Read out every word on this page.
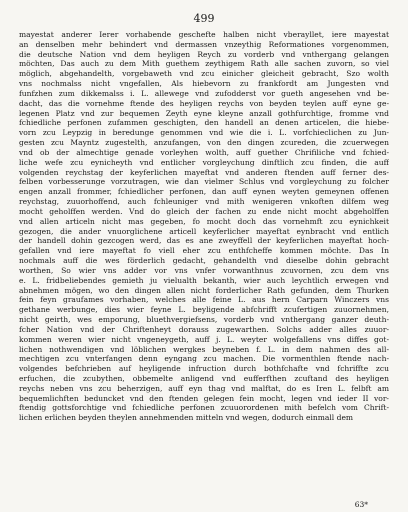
499
mayestat anderer Ierer vorhabende geschefte halben nicht vberayllet, iere mayestat
an denselben mehr behindert vnd dermassen vnzeythig Reformationes vorgenommen,
die deutsche Nation vnd dem heyligen Reych zu vorderb vnd vnthergang gelangen
möchten, Das auch zu dem Mith guethem zeythigem Rath alle sachen zuvorn, so viel
möglich, abgehandelth, vorgebaweth vnd zcu einicher gleicheit gebracht, Szo wolth
vns nochmalss nicht vngefallen, Als hiebevorn zu frankfordt am Jungesten vnd
funfzhen zum dikkemalss i. L. allewege vnd zufodderst vor gueth angesehen vnd be-
dacht, das die vornehme ftende des heyligen reychs von beyden teylen auff eyne ge-
legenen Platz vnd zur bequemen Zeyth eyne kleyne anzall gothfurchtige, fromme vnd
fchiedliche perfonen zufammen geschigten, den handell an denen articelen, die hiebe-
vorn zcu Leypzig in beredunge genommen vnd wie die i. L. vorfchieclichen zu Jun-
gesten zcu Mayntz zugestelth, anzufangen, von den dingen zcureden, die zcuerwegen
vnd ob der almechtige genade vorleyhen wolth, auff guether Chrifiliche vnd fchied-
liche wefe zcu eynicheyth vnd entlicher vorgleychung dinftlich zcu finden, die auff
volgenden reychstag der keyferlichen mayeftat vnd anderen ftenden auff ferner des-
felben vorbesserunge vorzutragen, wie dan vielmer Schlus vnd vorgleychung zu folcher
engen anzall frommer, fchiedlicher perfonen, dan auff eynen weyten gemeynen offenen
reychstag, zuuorhoffend, auch fchleuniger vnd mith wenigeren vnkoften dilfem weg
mocht geholffen werden. Vnd do gleich der fachen zu ende nicht mocht abgeholffen
vnd allen articeln nicht mas gegeben, fo mocht doch das vornehmft zcu eynichkeit
gezogen, die ander vnuorglichene articell keyferlicher mayeftat eynbracht vnd entlich
der handell dohin gezcogen werd, das es ane zweyffell der keyferlichen mayeftat hoch-
gefallen vnd iere mayeftat fo viell eher zcu enthfcheffe kommen möchte. Das In
nochmals auff die wes förderlich gedacht, gehandelth vnd dieselbe dohin gebracht
worthen, So wier vns adder vor vns vnfer vorwanthnus zcuvornen, zcu dem vns
e. L. fridbeliebendes gemieth ju vielualth bekanth, wier auch leychtlich erwegen vnd
abnehmen mögen, wo den dingen allen nicht forderlicher Rath gefunden, dem Thurken
fein feyn graufames vorhaben, welches alle feine L. aus hern Carparn Winczers vns
gethane werbunge, dies wier feyne L. beyligende abfchrifft zcufertigen zuuornehmen,
nicht geirth, wes emporung, bluethvergiefsens, vorderb vnd vnthergang ganzer deuth-
fcher Nation vnd der Chriftenheyt dorauss zugewarthen. Solchs adder alles zuuor-
kommen weren wier nicht vngeneygeth, auff j. L. weyter wolgefallens vns diffes got-
lichen nothwendigen vnd löblichen wergkes beyneben f. L. in dem nahmen des all-
mechtigen zcu vnterfangen denn eyngang zcu machen. Die vormenthlen ftende nach-
volgendes befchrieben auf heyligende infruction durch bothfchafte vnd fchriffte zcu
erfuchen, die zcubythen, obbemelte anligend vnd eufferfthen zcuftand des heyligen
reychs neben vns zcu beherzigen, auff eyn thag vnd malftat, do es Iren L. felbft am
bequemlichften beduncket vnd den ftenden gelegen fein mocht, legen vnd ieder II vor-
ftendig gottsforchtige vnd fchiedliche perfonen zcuuorordenen mith befelch vom Chrift-
lichen erlichen beyden theylen annehmenden mitteln vnd wegen, dodurch einmall dem
63*
